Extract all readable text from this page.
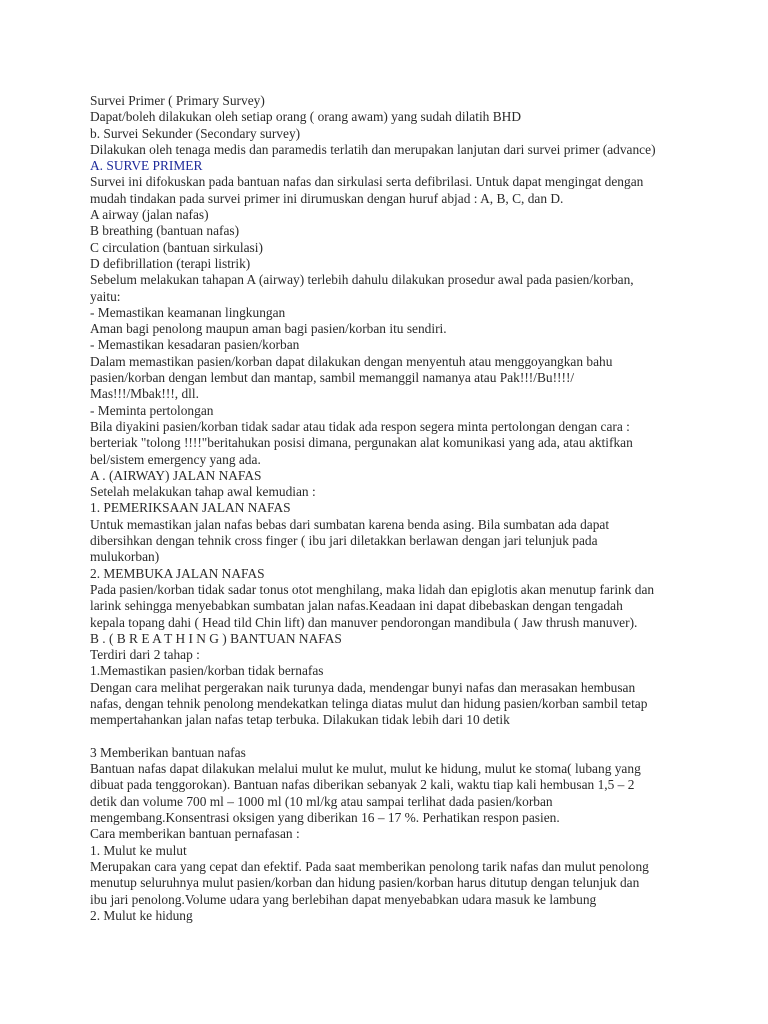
Survei Primer ( Primary Survey)
Dapat/boleh dilakukan oleh setiap orang ( orang awam) yang sudah dilatih BHD
b. Survei Sekunder (Secondary survey)
Dilakukan oleh tenaga medis dan paramedis terlatih dan merupakan lanjutan dari survei primer (advance)
A. SURVE PRIMER
Survei ini difokuskan pada bantuan nafas dan sirkulasi serta defibrilasi. Untuk dapat mengingat dengan
mudah tindakan pada survei primer ini dirumuskan dengan huruf abjad : A, B, C, dan D.
A airway (jalan nafas)
B breathing (bantuan nafas)
C circulation (bantuan sirkulasi)
D defibrillation (terapi listrik)
Sebelum melakukan tahapan A (airway) terlebih dahulu dilakukan prosedur awal pada pasien/korban,
yaitu:
- Memastikan keamanan lingkungan
Aman bagi penolong maupun aman bagi pasien/korban itu sendiri.
- Memastikan kesadaran pasien/korban
Dalam memastikan pasien/korban dapat dilakukan dengan menyentuh atau menggoyangkan bahu
pasien/korban dengan lembut dan mantap, sambil memanggil namanya atau Pak!!!/Bu!!!!/
Mas!!!/Mbak!!!, dll.
- Meminta pertolongan
Bila diyakini pasien/korban tidak sadar atau tidak ada respon segera minta pertolongan dengan cara :
berteriak "tolong !!!!"beritahukan posisi dimana, pergunakan alat komunikasi yang ada, atau aktifkan
bel/sistem emergency yang ada.
A . (AIRWAY) JALAN NAFAS
Setelah melakukan tahap awal kemudian :
1. PEMERIKSAAN JALAN NAFAS
Untuk memastikan jalan nafas bebas dari sumbatan karena benda asing. Bila sumbatan ada dapat
dibersihkan dengan tehnik cross finger ( ibu jari diletakkan berlawan dengan jari telunjuk pada
mulukorban)
2. MEMBUKA JALAN NAFAS
Pada pasien/korban tidak sadar tonus otot menghilang, maka lidah dan epiglotis akan menutup farink dan
larink sehingga menyebabkan sumbatan jalan nafas.Keadaan ini dapat dibebaskan dengan tengadah
kepala topang dahi ( Head tild Chin lift) dan manuver pendorongan mandibula ( Jaw thrush manuver).
B . ( B R E A T H I N G ) BANTUAN NAFAS
Terdiri dari 2 tahap :
1.Memastikan pasien/korban tidak bernafas
Dengan cara melihat pergerakan naik turunya dada, mendengar bunyi nafas dan merasakan hembusan
nafas, dengan tehnik penolong mendekatkan telinga diatas mulut dan hidung pasien/korban sambil tetap
mempertahankan jalan nafas tetap terbuka. Dilakukan tidak lebih dari 10 detik
3 Memberikan bantuan nafas
Bantuan nafas dapat dilakukan melalui mulut ke mulut, mulut ke hidung, mulut ke stoma( lubang yang
dibuat pada tenggorokan). Bantuan nafas diberikan sebanyak 2 kali, waktu tiap kali hembusan 1,5 – 2
detik dan volume 700 ml – 1000 ml (10 ml/kg atau sampai terlihat dada pasien/korban
mengembang.Konsentrasi oksigen yang diberikan 16 – 17 %. Perhatikan respon pasien.
Cara memberikan bantuan pernafasan :
1. Mulut ke mulut
Merupakan cara yang cepat dan efektif. Pada saat memberikan penolong tarik nafas dan mulut penolong
menutup seluruhnya mulut pasien/korban dan hidung pasien/korban harus ditutup dengan telunjuk dan
ibu jari penolong.Volume udara yang berlebihan dapat menyebabkan udara masuk ke lambung
2. Mulut ke hidung
